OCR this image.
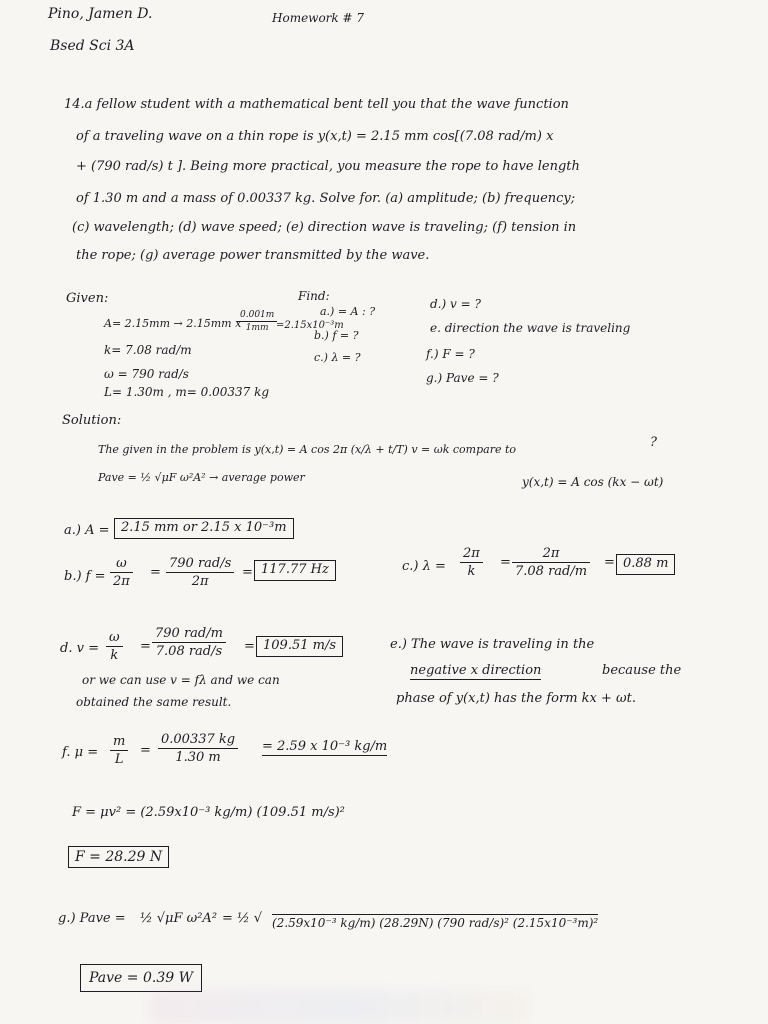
Pino, Jamen D.
Bsed Sci 3A
Homework # 7
14.a fellow student with a mathematical bent tell you that the wave function
of a traveling wave on a thin rope is y(x,t) = 2.15 mm cos[(7.08 rad/m) x
+ (790 rad/s) t ]. Being more practical, you measure the rope to have length
of 1.30 m and a mass of 0.00337 kg. Solve for. (a) amplitude; (b) frequency;
(c) wavelength; (d) wave speed; (e) direction wave is traveling; (f) tension in
the rope; (g) average power transmitted by the wave.
Given:
A= 2.15mm → 2.15mm x
$\frac{0.001m}{1mm}$
=2.15x10⁻³m
k= 7.08 rad/m
ω = 790 rad/s
L= 1.30m , m= 0.00337 kg
Find:
a.) = A : ?
b.) f = ?
c.) λ = ?
d.) v = ?
e. direction the wave is traveling
f.) F = ?
g.) Pave = ?
Solution:
The given in the problem is y(x,t) = A cos 2π (x/λ + t/T) v = ωk compare to	?
Pave = ½ √μF ω²A² → average power	y(x,t) = A cos (kx − ωt)
a.) A = 2.15 mm or 2.15 x 10⁻³m
b.) $f = \frac{\omega}{2\pi}$ =
790 rad/s
2π
= 117.77 Hz	c.) $\lambda = \frac{2\pi}{k}$ =
2π
7.08 rad/m
= 0.88 m
d. $v = \frac{\omega}{k}$ =
790 rad/m
7.08 rad/s = 109.51 m/s
or we can use v = fλ and we can
obtained the same result.
e.) The wave is traveling in the
negative x direction	because the
phase of y(x,t) has the form kx + ωt.
f. $\mu = \frac{m}{L} = \frac{0.00337 kg}{1.30 m} = 2.59$ x 10⁻³ kg/m
F = μv² = (2.59x10⁻³ kg/m) (109.51 m/s)²
F = 28.29 N
g.) Pave = ½ √μF ω²A² = ½ √ (2.59x10⁻³ kg/m) (28.29N) (790 rad/s)² (2.15x10⁻³m)²
Pave = 0.39 W
